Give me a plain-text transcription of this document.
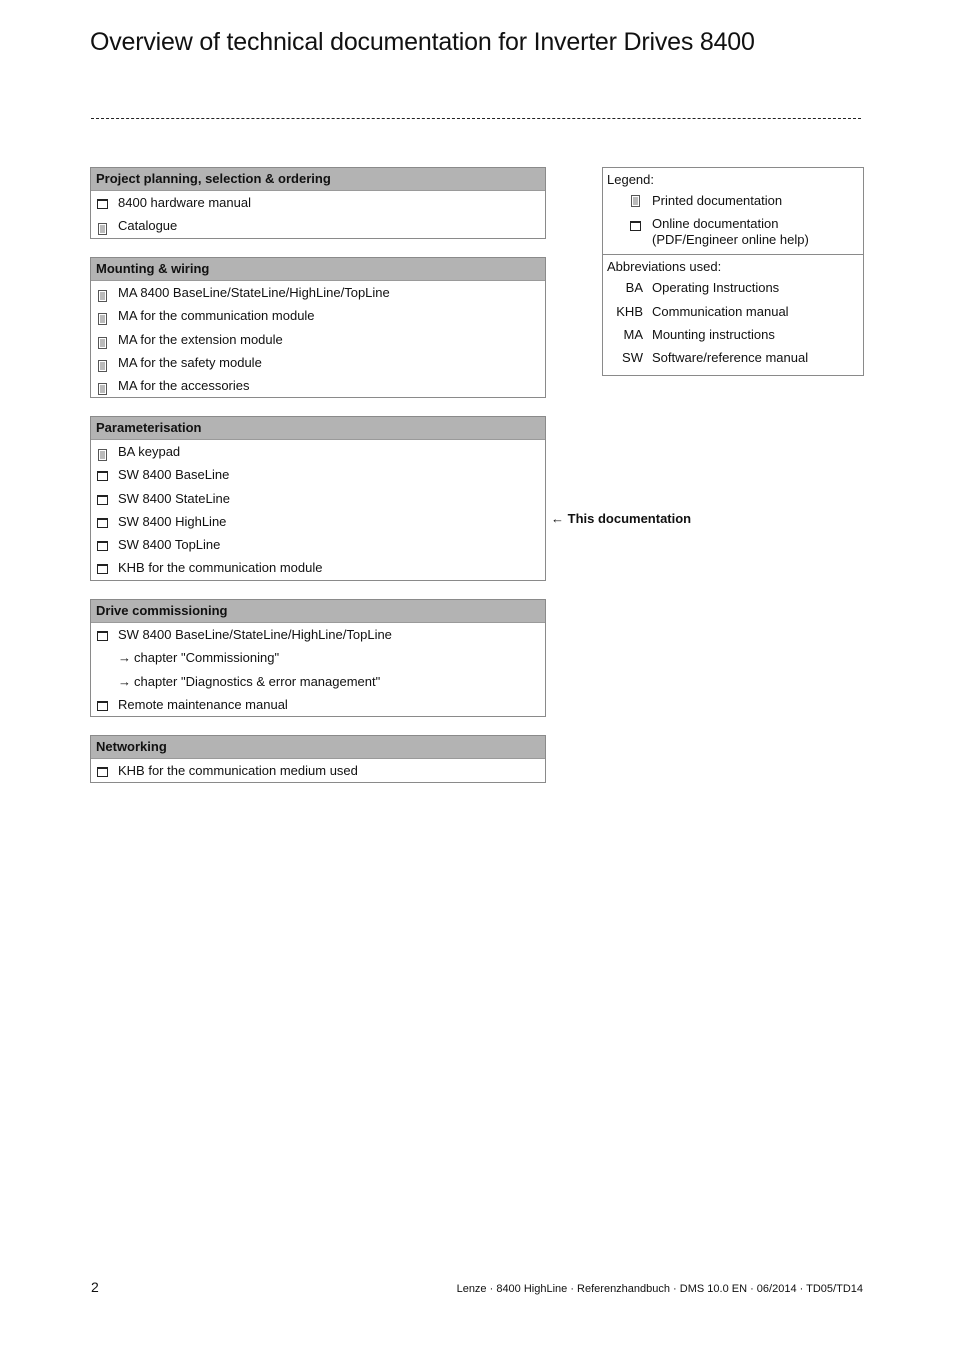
Overview of technical documentation for Inverter Drives 8400
Project planning, selection & ordering
8400 hardware manual
Catalogue
Mounting & wiring
MA 8400 BaseLine/StateLine/HighLine/TopLine
MA for the communication module
MA for the extension module
MA for the safety module
MA for the accessories
Parameterisation
BA keypad
SW 8400 BaseLine
SW 8400 StateLine
SW 8400 HighLine
SW 8400 TopLine
KHB for the communication module
Drive commissioning
SW 8400 BaseLine/StateLine/HighLine/TopLine
→ chapter "Commissioning"
→ chapter "Diagnostics & error management"
Remote maintenance manual
Networking
KHB for the communication medium used
← This documentation
Legend:
Printed documentation
Online documentation
(PDF/Engineer online help)
Abbreviations used:
BA Operating Instructions
KHB Communication manual
MA Mounting instructions
SW Software/reference manual
2	Lenze · 8400 HighLine · Referenzhandbuch · DMS 10.0 EN · 06/2014 · TD05/TD14
